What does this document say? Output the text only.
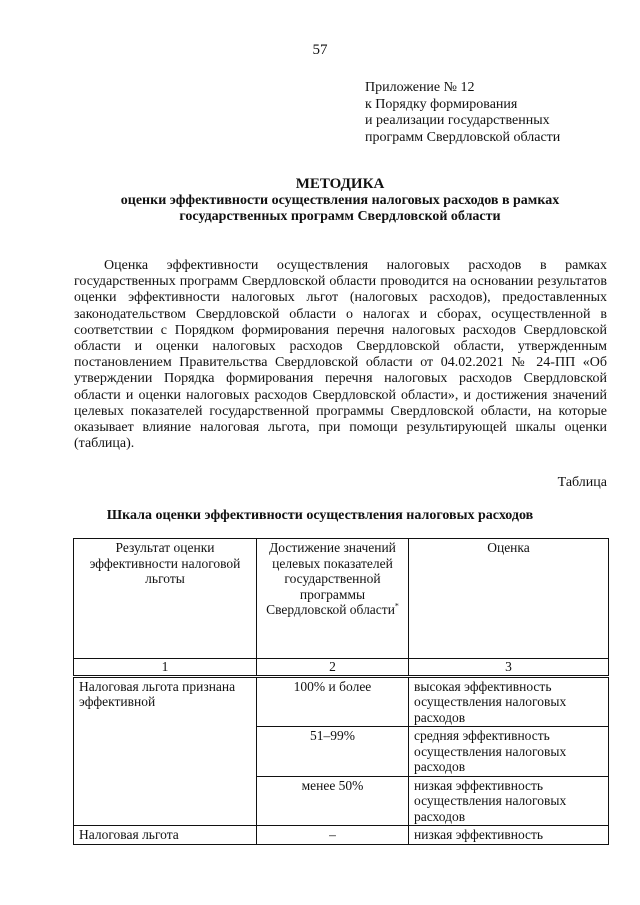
57
Приложение № 12
к Порядку формирования
и реализации государственных
программ Свердловской области
МЕТОДИКА
оценки эффективности осуществления налоговых расходов в рамках
государственных программ Свердловской области

Оценка эффективности осуществления налоговых расходов в рамках государственных программ Свердловской области проводится на основании результатов оценки эффективности налоговых льгот (налоговых расходов), предоставленных законодательством Свердловской области о налогах и сборах, осуществленной в соответствии с Порядком формирования перечня налоговых расходов Свердловской области и оценки налоговых расходов Свердловской области, утвержденным постановлением Правительства Свердловской области от 04.02.2021 № 24-ПП «Об утверждении Порядка формирования перечня налоговых расходов Свердловской области и оценки налоговых расходов Свердловской области», и достижения значений целевых показателей государственной программы Свердловской области, на которые оказывает влияние налоговая льгота, при помощи результирующей шкалы оценки (таблица).

Таблица
Шкала оценки эффективности осуществления налоговых расходов
Результат оценки эффективности налоговой льготы	Достижение значений целевых показателей государственной программы Свердловской области*	Оценка
1	2	3
Налоговая льгота признана эффективной	100% и более	высокая эффективность осуществления налоговых расходов
	51–99%	средняя эффективность осуществления налоговых расходов
	менее 50%	низкая эффективность осуществления налоговых расходов
Налоговая льгота	–	низкая эффективность
